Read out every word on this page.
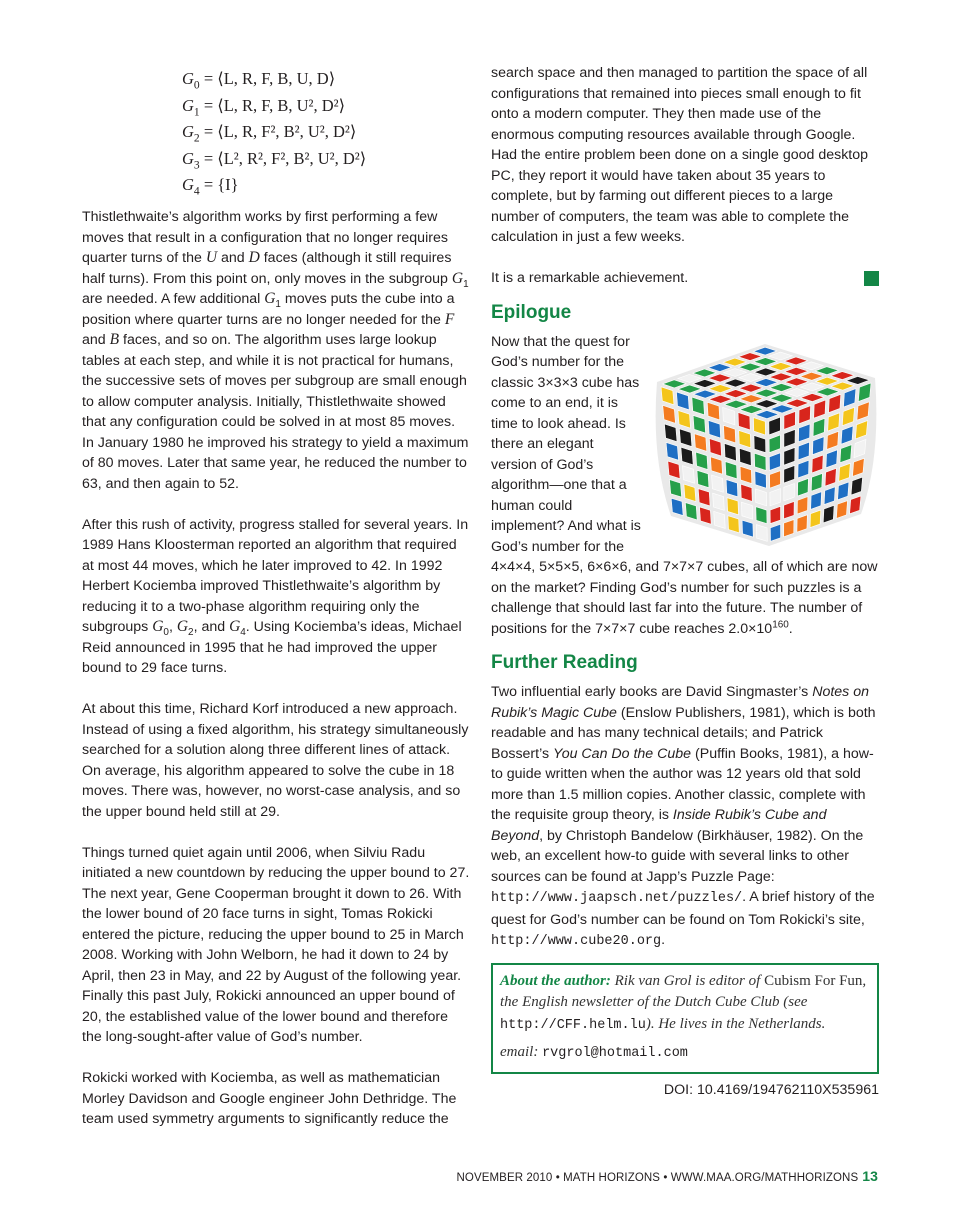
$G_0$ = ⟨L, R, F, B, U, D⟩
$G_1$ = ⟨L, R, F, B, U², D²⟩
$G_2$ = ⟨L, R, F², B², U², D²⟩
$G_3$ = ⟨L², R², F², B², U², D²⟩
$G_4 = \{I\}$

Thistlethwaite’s algorithm works by first performing a few moves that result in a configuration that no longer requires quarter turns of the U and D faces (although it still requires half turns). From this point on, only moves in the subgroup $G_1$ are needed. A few additional $G_1$ moves puts the cube into a position where quarter turns are no longer needed for the F and B faces, and so on. The algorithm uses large lookup tables at each step, and while it is not practical for humans, the successive sets of moves per subgroup are small enough to allow computer analysis. Initially, Thistlethwaite showed that any configuration could be solved in at most 85 moves. In January 1980 he improved his strategy to yield a maximum of 80 moves. Later that same year, he reduced the number to 63, and then again to 52.

After this rush of activity, progress stalled for several years. In 1989 Hans Kloosterman reported an algorithm that required at most 44 moves, which he later improved to 42. In 1992 Herbert Kociemba improved Thistlethwaite’s algorithm by reducing it to a two-phase algorithm requiring only the subgroups $G_0$, $G_2$, and $G_4$. Using Kociemba’s ideas, Michael Reid announced in 1995 that he had improved the upper bound to 29 face turns.

At about this time, Richard Korf introduced a new approach. Instead of using a fixed algorithm, his strategy simultaneously searched for a solution along three different lines of attack. On average, his algorithm appeared to solve the cube in 18 moves. There was, however, no worst-case analysis, and so the upper bound held still at 29.

Things turned quiet again until 2006, when Silviu Radu initiated a new countdown by reducing the upper bound to 27. The next year, Gene Cooperman brought it down to 26. With the lower bound of 20 face turns in sight, Tomas Rokicki entered the picture, reducing the upper bound to 25 in March 2008. Working with John Welborn, he had it down to 24 by April, then 23 in May, and 22 by August of the following year. Finally this past July, Rokicki announced an upper bound of 20, the established value of the lower bound and therefore the long-sought-after value of God’s number.

Rokicki worked with Kociemba, as well as mathematician Morley Davidson and Google engineer John Dethridge. The team used symmetry arguments to significantly reduce the

search space and then managed to partition the space of all configurations that remained into pieces small enough to fit onto a modern computer. They then made use of the enormous computing resources available through Google. Had the entire problem been done on a single good desktop PC, they report it would have taken about 35 years to complete, but by farming out different pieces to a large number of computers, the team was able to complete the calculation in just a few weeks.

It is a remarkable achievement.

Epilogue

Now that the quest for God’s number for the classic 3×3×3 cube has come to an end, it is time to look ahead. Is there an elegant version of God’s algorithm—one that a human could implement? And what is God’s number for the 4×4×4, 5×5×5, 6×6×6, and 7×7×7 cubes, all of which are now on the market? Finding God’s number for such puzzles is a challenge that should last far into the future. The number of positions for the 7×7×7 cube reaches $2.0\times 10^{160}$.

Further Reading

Two influential early books are David Singmaster’s Notes on Rubik’s Magic Cube (Enslow Publishers, 1981), which is both readable and has many technical details; and Patrick Bossert’s You Can Do the Cube (Puffin Books, 1981), a how-to guide written when the author was 12 years old that sold more than 1.5 million copies. Another classic, complete with the requisite group theory, is Inside Rubik’s Cube and Beyond, by Christoph Bandelow (Birkhäuser, 1982). On the web, an excellent how-to guide with several links to other sources can be found at Japp’s Puzzle Page: http://www.jaapsch.net/puzzles/. A brief history of the quest for God’s number can be found on Tom Rokicki’s site, http://www.cube20.org.

About the author: Rik van Grol is editor of Cubism For Fun, the English newsletter of the Dutch Cube Club (see http://CFF.helm.lu). He lives in the Netherlands.
email: rvgrol@hotmail.com
DOI: 10.4169/194762110X535961
NOVEMBER 2010 • MATH HORIZONS • WWW.MAA.ORG/MATHHORIZONS 13
